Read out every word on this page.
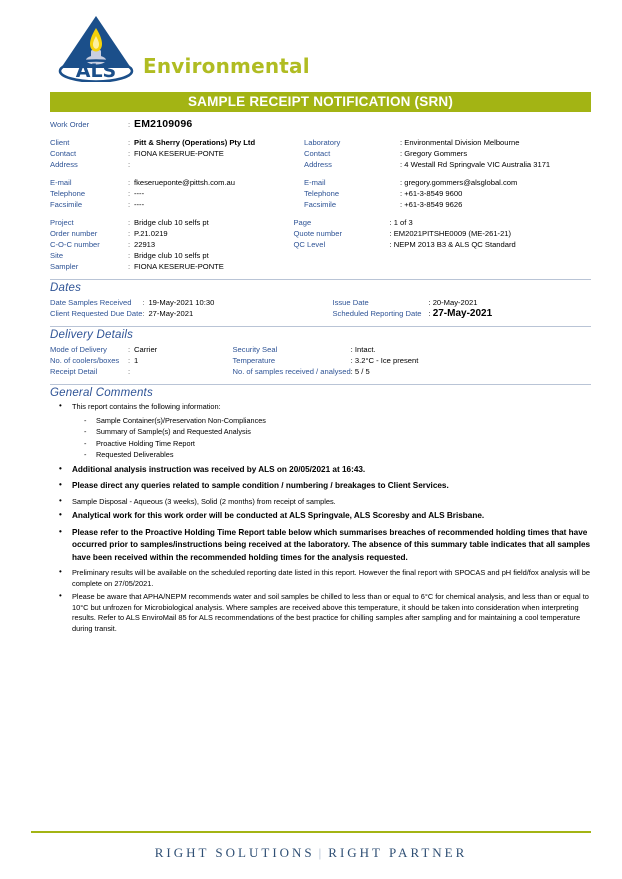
ALS Environmental
SAMPLE RECEIPT NOTIFICATION (SRN)

Work Order	:	EM2109096			

Client	:	Pitt & Sherry (Operations) Pty Ltd		Laboratory	: Environmental Division Melbourne
Contact	:	FIONA KESERUE-PONTE		Contact	: Gregory Gommers
Address	:			Address	: 4 Westall Rd Springvale VIC Australia 3171

E-mail	:	fkeserueponte@pittsh.com.au		E-mail	: gregory.gommers@alsglobal.com
Telephone	:	----		Telephone	: +61-3-8549 9600
Facsimile	:	----		Facsimile	: +61-3-8549 9626

Project	:	Bridge club 10 selfs pt		Page	: 1 of 3
Order number	:	P.21.0219		Quote number	: EM2021PITSHE0009 (ME-261-21)
C-O-C number	:	22913		QC Level	: NEPM 2013 B3 & ALS QC Standard
Site	:	Bridge club 10 selfs pt			
Sampler	:	FIONA KESERUE-PONTE			

Dates
Date Samples Received	:	19-May-2021 10:30		Issue Date	: 20-May-2021
Client Requested Due Date	:	27-May-2021		Scheduled Reporting Date	: 27-May-2021

Delivery Details
Mode of Delivery	:	Carrier		Security Seal	: Intact.
No. of coolers/boxes	:	1		Temperature	: 3.2°C - Ice present
Receipt Detail	:			No. of samples received / analysed	: 5 / 5

General Comments
• This report contains the following information:
- Sample Container(s)/Preservation Non-Compliances
- Summary of Sample(s) and Requested Analysis
- Proactive Holding Time Report
- Requested Deliverables
• Additional analysis instruction was received by ALS on 20/05/2021 at 16:43.
• Please direct any queries related to sample condition / numbering / breakages to Client Services.
• Sample Disposal - Aqueous (3 weeks), Solid (2 months) from receipt of samples.
• Analytical work for this work order will be conducted at ALS Springvale, ALS Scoresby and ALS Brisbane.
• Please refer to the Proactive Holding Time Report table below which summarises breaches of recommended holding times that have occurred prior to samples/instructions being received at the laboratory. The absence of this summary table indicates that all samples have been received within the recommended holding times for the analysis requested.
• Preliminary results will be available on the scheduled reporting date listed in this report. However the final report with SPOCAS and pH field/fox analysis will be complete on 27/05/2021.
• Please be aware that APHA/NEPM recommends water and soil samples be chilled to less than or equal to 6°C for chemical analysis, and less than or equal to 10°C but unfrozen for Microbiological analysis. Where samples are received above this temperature, it should be taken into consideration when interpreting results. Refer to ALS EnviroMail 85 for ALS recommendations of the best practice for chilling samples after sampling and for maintaining a cool temperature during transit.
RIGHT SOLUTIONS | RIGHT PARTNER
